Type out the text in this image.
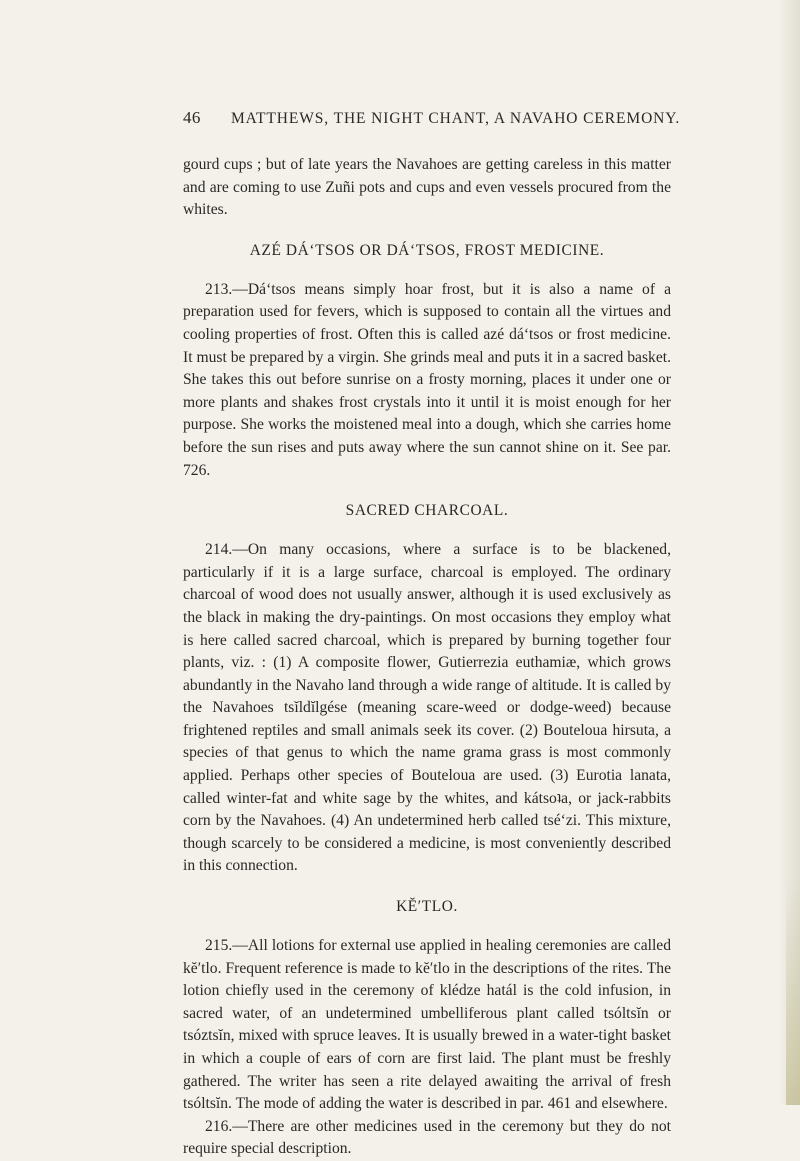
46 MATTHEWS, THE NIGHT CHANT, A NAVAHO CEREMONY.

gourd cups ; but of late years the Navahoes are getting careless in this matter and are coming to use Zuñi pots and cups and even vessels procured from the whites.

AZÉ DÁ‘TSOS OR DÁ‘TSOS, FROST MEDICINE.

213.—Dá‘tsos means simply hoar frost, but it is also a name of a preparation used for fevers, which is supposed to contain all the virtues and cooling properties of frost. Often this is called azé dá‘tsos or frost medicine. It must be prepared by a virgin. She grinds meal and puts it in a sacred basket. She takes this out before sunrise on a frosty morning, places it under one or more plants and shakes frost crystals into it until it is moist enough for her purpose. She works the moistened meal into a dough, which she carries home before the sun rises and puts away where the sun cannot shine on it. See par. 726.

SACRED CHARCOAL.

214.—On many occasions, where a surface is to be blackened, particularly if it is a large surface, charcoal is employed. The ordinary charcoal of wood does not usually answer, although it is used exclusively as the black in making the dry-paintings. On most occasions they employ what is here called sacred charcoal, which is prepared by burning together four plants, viz. : (1) A composite flower, Gutierrezia euthamiæ, which grows abundantly in the Navaho land through a wide range of altitude. It is called by the Navahoes tsĭldĭlgése (meaning scare-weed or dodge-weed) because frightened reptiles and small animals seek its cover. (2) Bouteloua hirsuta, a species of that genus to which the name grama grass is most commonly applied. Perhaps other species of Bouteloua are used. (3) Eurotia lanata, called winter-fat and white sage by the whites, and kátsoʇa, or jack-rabbits corn by the Navahoes. (4) An undetermined herb called tsé‘zi. This mixture, though scarcely to be considered a medicine, is most conveniently described in this connection.

KĔ′TLO.

215.—All lotions for external use applied in healing ceremonies are called kĕ′tlo. Frequent reference is made to kĕ′tlo in the descriptions of the rites. The lotion chiefly used in the ceremony of klédze hatál is the cold infusion, in sacred water, of an undetermined umbelliferous plant called tsóltsĭn or tsóztsĭn, mixed with spruce leaves. It is usually brewed in a water-tight basket in which a couple of ears of corn are first laid. The plant must be freshly gathered. The writer has seen a rite delayed awaiting the arrival of fresh tsóltsĭn. The mode of adding the water is described in par. 461 and elsewhere.

216.—There are other medicines used in the ceremony but they do not require special description.
